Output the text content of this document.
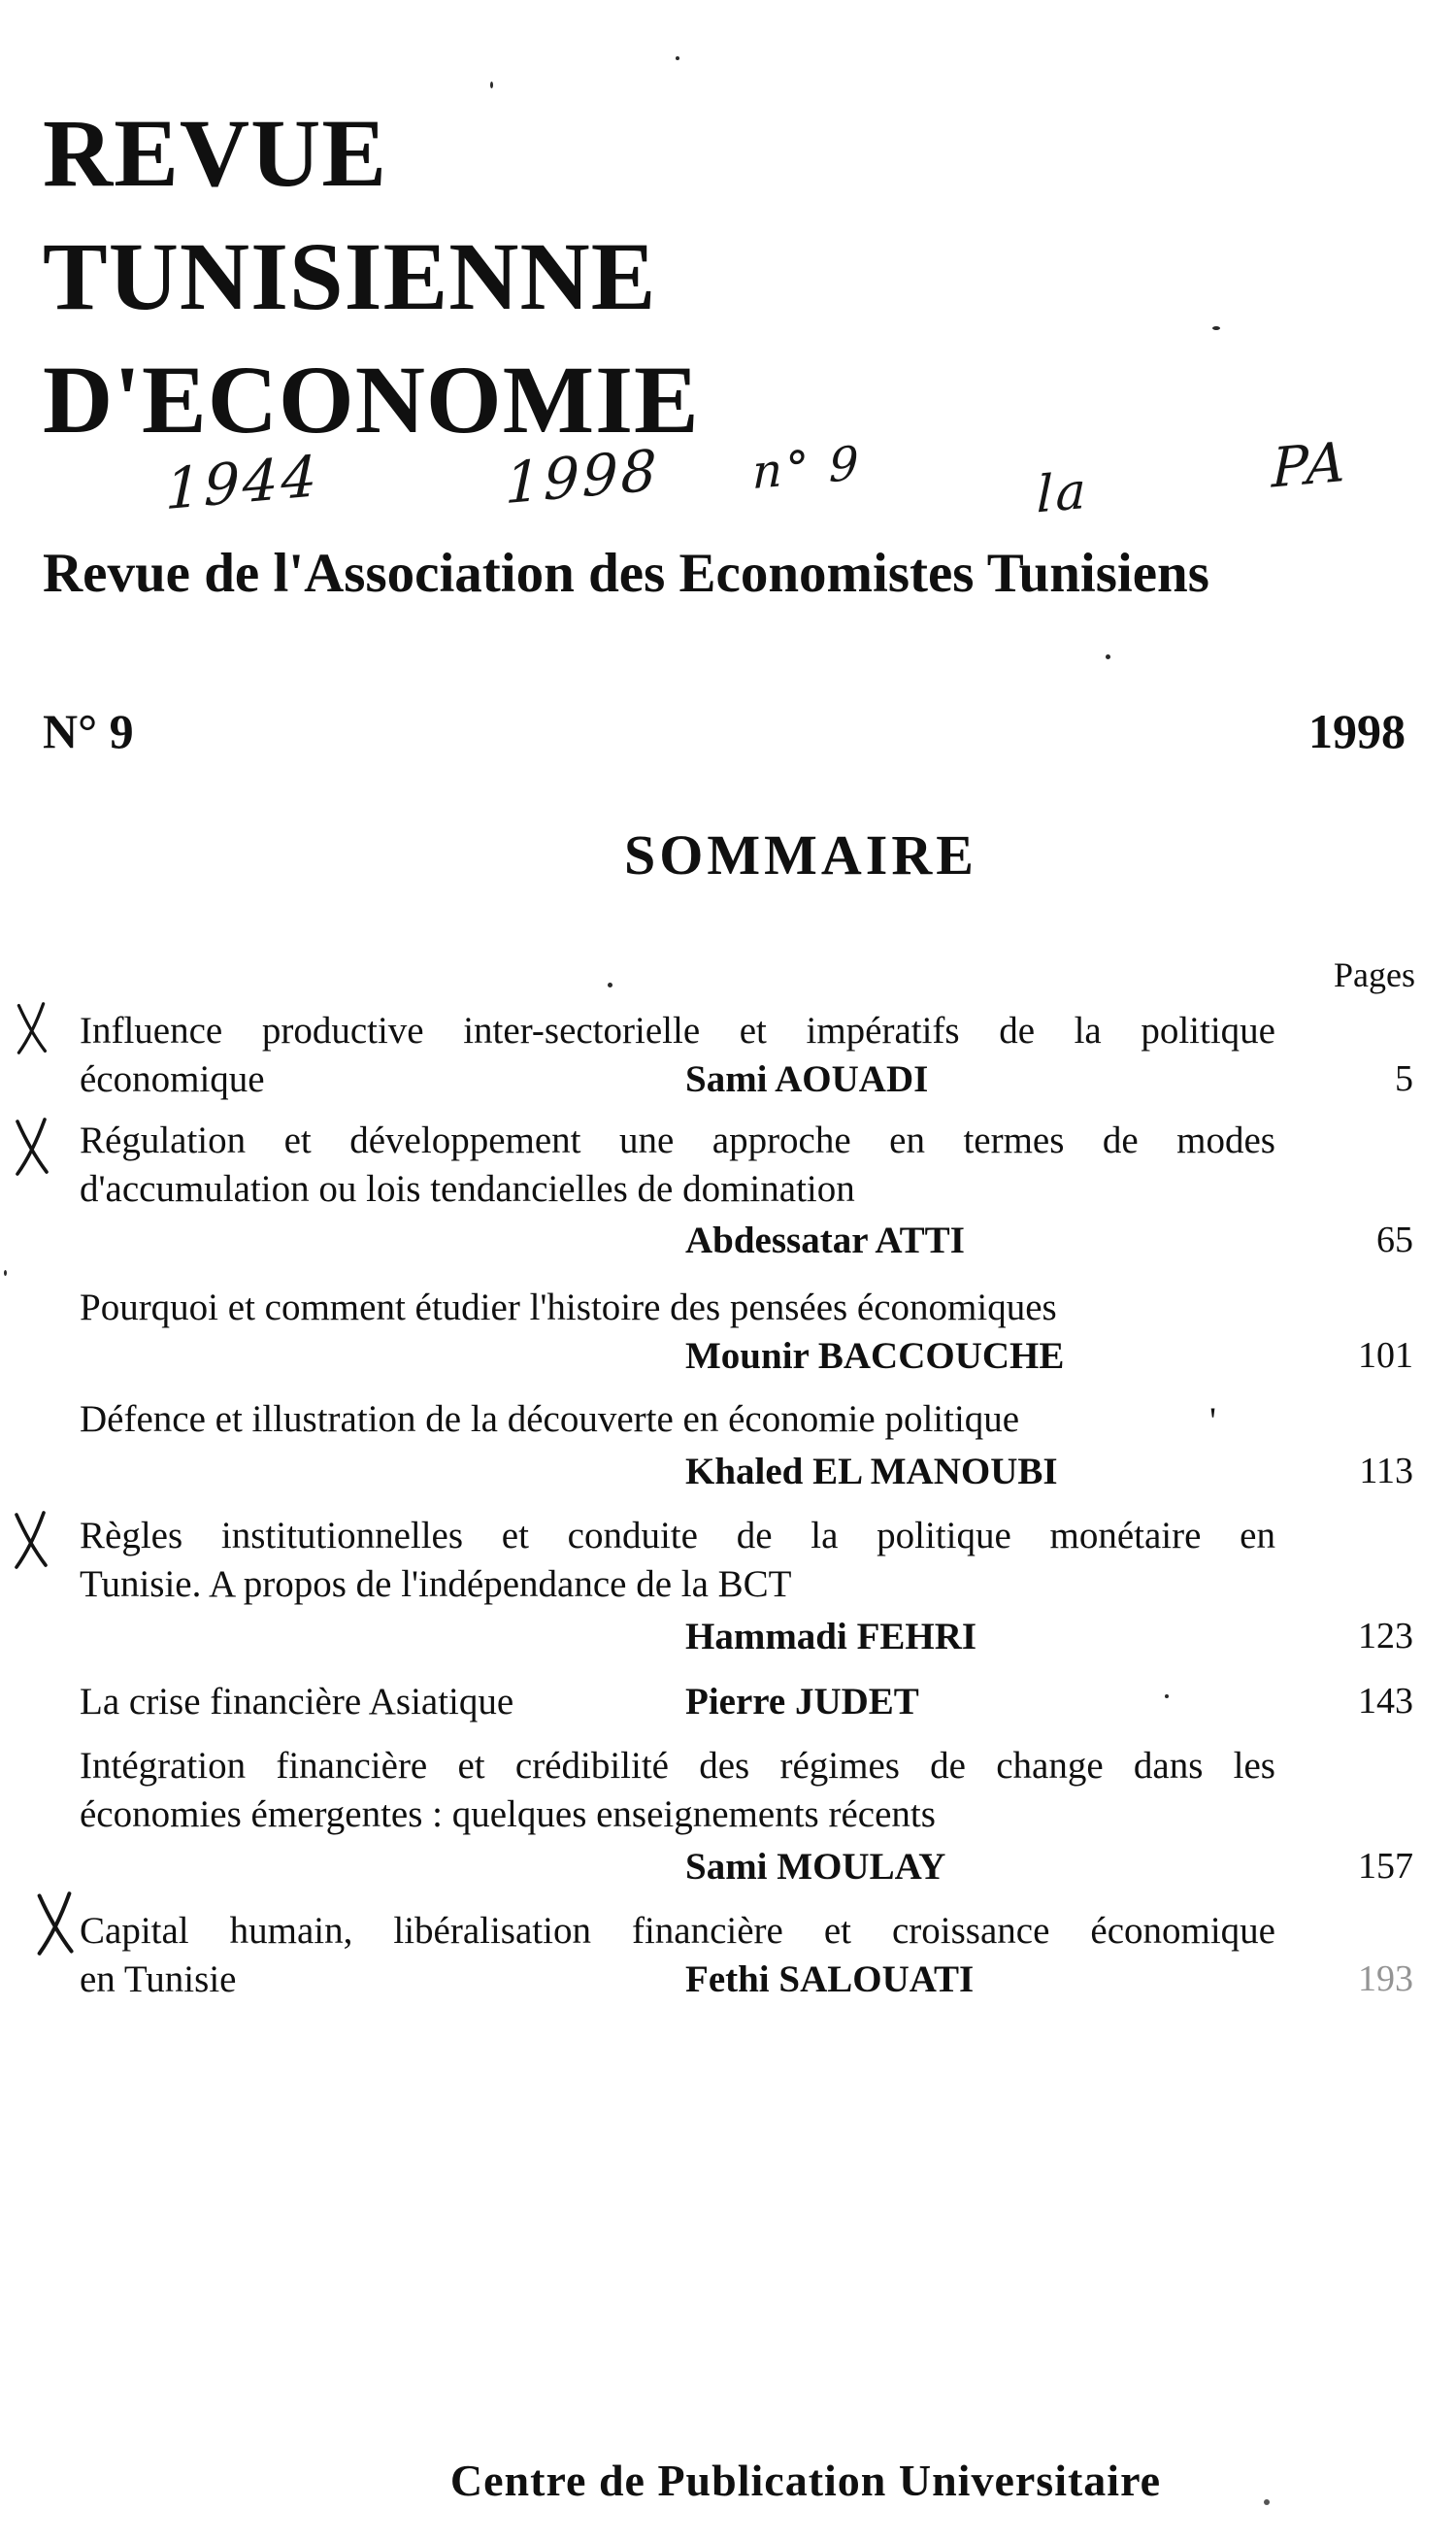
REVUE
TUNISIENNE
D'ECONOMIE
1944	1998 n° 9	la	PA
Revue de l'Association des Economistes Tunisiens
N° 9	1998
SOMMAIRE
Pages
Influence productive inter-sectorielle et impératifs de la politique
économique	Sami AOUADI	5
Régulation et développement une approche en termes de modes
d'accumulation ou lois tendancielles de domination
Abdessatar ATTI	65
Pourquoi et comment étudier l'histoire des pensées économiques
Mounir BACCOUCHE	101
Défence et illustration de la découverte en économie politique	'
Khaled EL MANOUBI	113
Règles institutionnelles et conduite de la politique monétaire en
Tunisie. A propos de l'indépendance de la BCT
Hammadi FEHRI	123
La crise financière Asiatique	Pierre JUDET	143
Intégration financière et crédibilité des régimes de change dans les
économies émergentes : quelques enseignements récents
Sami MOULAY	157
Capital humain, libéralisation financière et croissance économique
en Tunisie	Fethi SALOUATI	193
Centre de Publication Universitaire
